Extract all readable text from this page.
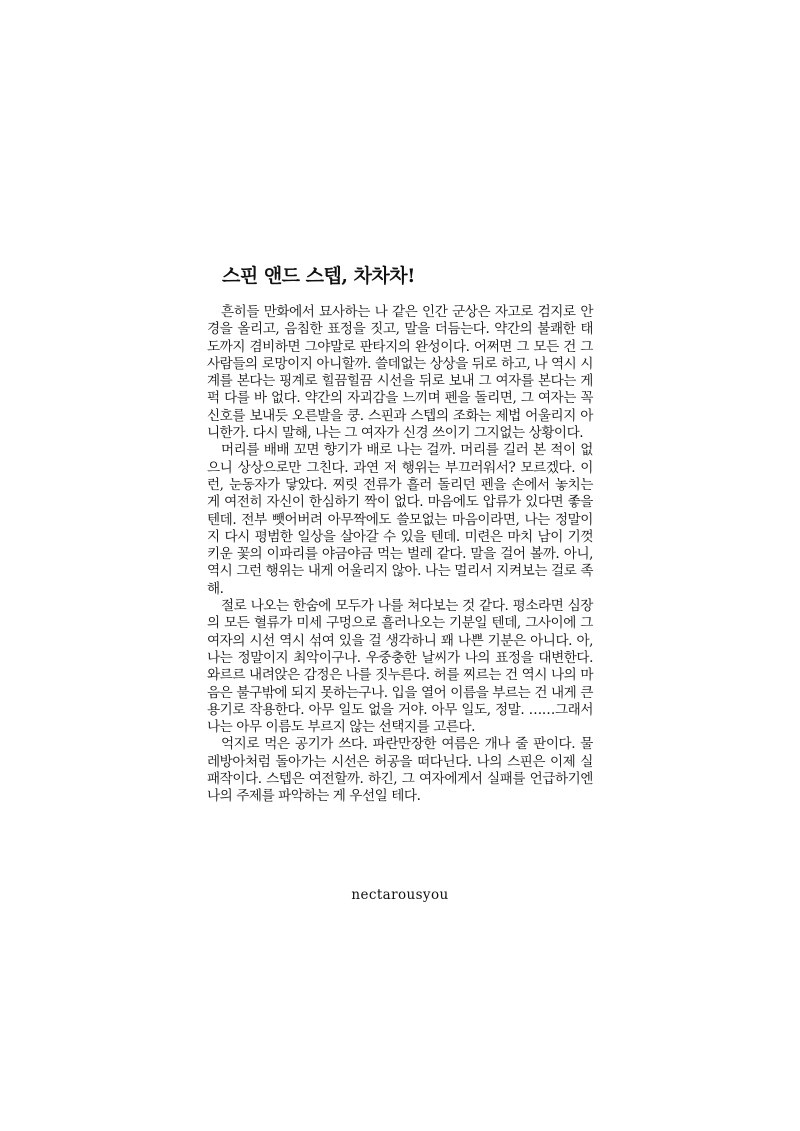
스핀 앤드 스텝, 차차차!

흔히들 만화에서 묘사하는 나 같은 인간 군상은 자고로 검지로 안경을 올리고, 음침한 표정을 짓고, 말을 더듬는다. 약간의 불쾌한 태도까지 겸비하면 그야말로 판타지의 완성이다. 어쩌면 그 모든 건 그 사람들의 로망이지 아니할까. 쓸데없는 상상을 뒤로 하고, 나 역시 시계를 본다는 핑계로 힐끔힐끔 시선을 뒤로 보내 그 여자를 본다는 게 퍽 다를 바 없다. 약간의 자괴감을 느끼며 펜을 돌리면, 그 여자는 꼭 신호를 보내듯 오른발을 쿵. 스핀과 스텝의 조화는 제법 어울리지 아니한가. 다시 말해, 나는 그 여자가 신경 쓰이기 그지없는 상황이다.

머리를 배배 꼬면 향기가 배로 나는 걸까. 머리를 길러 본 적이 없으니 상상으로만 그친다. 과연 저 행위는 부끄러워서? 모르겠다. 이런, 눈동자가 닿았다. 찌릿 전류가 흘러 돌리던 펜을 손에서 놓치는 게 여전히 자신이 한심하기 짝이 없다. 마음에도 압류가 있다면 좋을 텐데. 전부 뺏어버려 아무짝에도 쓸모없는 마음이라면, 나는 정말이지 다시 평범한 일상을 살아갈 수 있을 텐데. 미련은 마치 남이 기껏 키운 꽃의 이파리를 야금야금 먹는 벌레 같다. 말을 걸어 볼까. 아니, 역시 그런 행위는 내게 어울리지 않아. 나는 멀리서 지켜보는 걸로 족해.

절로 나오는 한숨에 모두가 나를 쳐다보는 것 같다. 평소라면 심장의 모든 혈류가 미세 구멍으로 흘러나오는 기분일 텐데, 그사이에 그 여자의 시선 역시 섞여 있을 걸 생각하니 꽤 나쁜 기분은 아니다. 아, 나는 정말이지 최악이구나. 우중충한 날씨가 나의 표정을 대변한다. 와르르 내려앉은 감정은 나를 짓누른다. 허를 찌르는 건 역시 나의 마음은 불구밖에 되지 못하는구나. 입을 열어 이름을 부르는 건 내게 큰 용기로 작용한다. 아무 일도 없을 거야. 아무 일도, 정말. ……그래서 나는 아무 이름도 부르지 않는 선택지를 고른다.

억지로 먹은 공기가 쓰다. 파란만장한 여름은 개나 줄 판이다. 물레방아처럼 돌아가는 시선은 허공을 떠다닌다. 나의 스핀은 이제 실패작이다. 스텝은 여전할까. 하긴, 그 여자에게서 실패를 언급하기엔 나의 주제를 파악하는 게 우선일 테다.

nectarousyou
